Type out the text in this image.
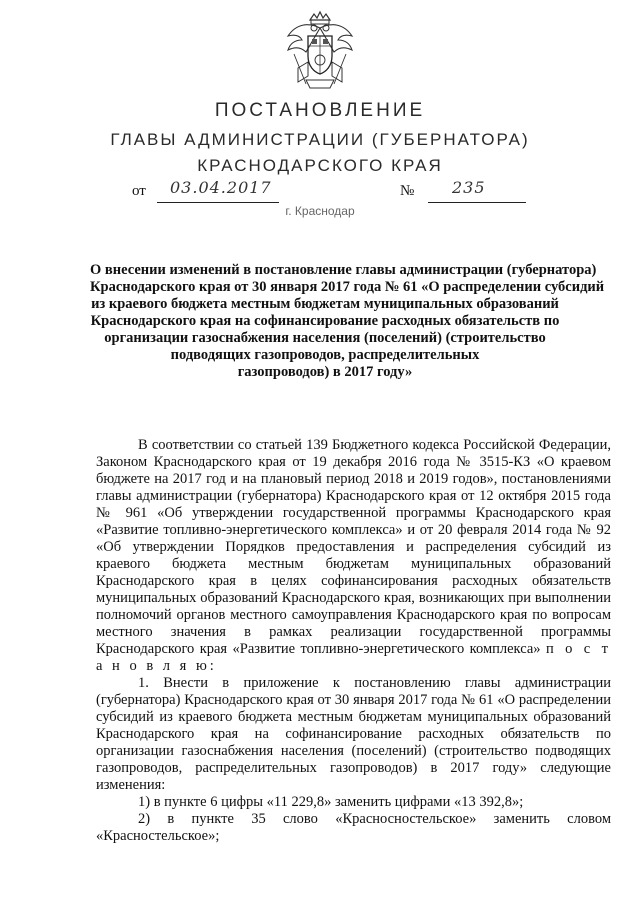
ПОСТАНОВЛЕНИЕ
ГЛАВЫ АДМИНИСТРАЦИИ (ГУБЕРНАТОРА)
КРАСНОДАРСКОГО КРАЯ
от 03.04.2017	№ 235
г. Краснодар
О внесении изменений в постановление главы администрации (губернатора)
Краснодарского края от 30 января 2017 года № 61 «О распределении субсидий
из краевого бюджета местным бюджетам муниципальных образований
Краснодарского края на софинансирование расходных обязательств по
организации газоснабжения населения (поселений) (строительство
подводящих газопроводов, распределительных
газопроводов) в 2017 году»

В соответствии со статьей 139 Бюджетного кодекса Российской Федерации, Законом Краснодарского края от 19 декабря 2016 года № 3515-КЗ «О краевом бюджете на 2017 год и на плановый период 2018 и 2019 годов», постановлениями главы администрации (губернатора) Краснодарского края от 12 октября 2015 года № 961 «Об утверждении государственной программы Краснодарского края «Развитие топливно-энергетического комплекса» и от 20 февраля 2014 года № 92 «Об утверждении Порядков предоставления и распределения субсидий из краевого бюджета местным бюджетам муниципальных образований Краснодарского края в целях софинансирования расходных обязательств муниципальных образований Краснодарского края, возникающих при выполнении полномочий органов местного самоуправления Краснодарского края по вопросам местного значения в рамках реализации государственной программы Краснодарского края «Развитие топливно-энергетического комплекса» п о с т а н о в л я ю:

1. Внести в приложение к постановлению главы администрации (губернатора) Краснодарского края от 30 января 2017 года № 61 «О распределении субсидий из краевого бюджета местным бюджетам муниципальных образований Краснодарского края на софинансирование расходных обязательств по организации газоснабжения населения (поселений) (строительство подводящих газопроводов, распределительных газопроводов) в 2017 году» следующие изменения:

1) в пункте 6 цифры «11 229,8» заменить цифрами «13 392,8»;

2) в пункте 35 слово «Красносностельское» заменить словом «Красностельское»;
